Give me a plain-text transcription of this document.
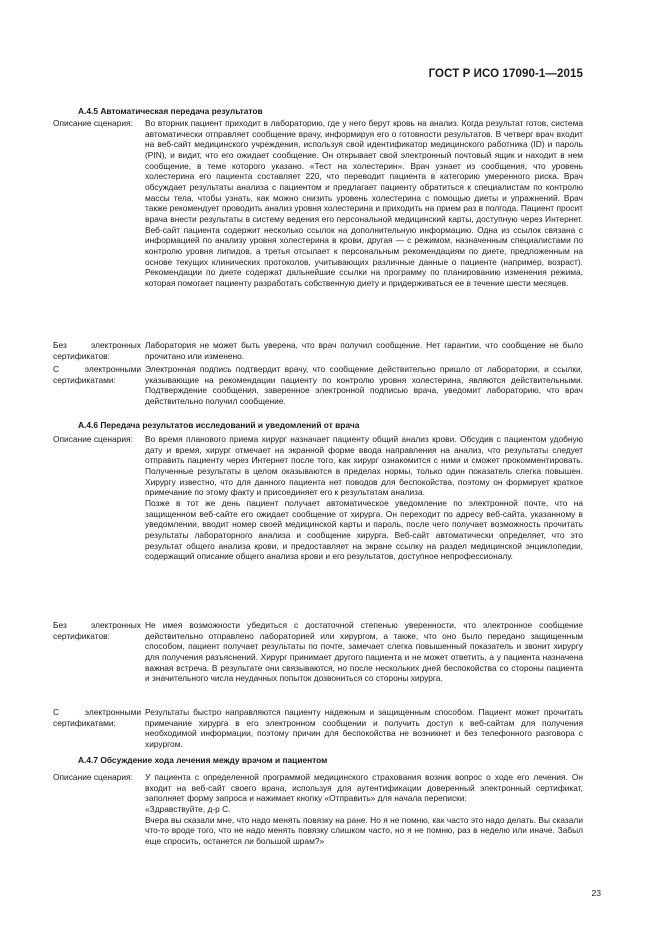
ГОСТ Р ИСО 17090-1—2015
А.4.5 Автоматическая передача результатов
Описание сценария:	Во вторник пациент приходит в лабораторию, где у него берут кровь на анализ. Когда результат готов, система автоматически отправляет сообщение врачу, информируя его о готовности результатов. В четверг врач входит на веб-сайт медицинского учреждения, используя свой идентификатор медицинского работника (ID) и пароль (PIN), и видит, что его ожидает сообщение. Он открывает свой электронный почтовый ящик и находит в нем сообщение, в теме которого указано. «Тест на холестерин». Врач узнает из сообщения, что уровень холестерина его пациента составляет 220, что переводит пациента в категорию умеренного риска. Врач обсуждает результаты анализа с пациентом и предлагает пациенту обратиться к специалистам по контролю массы тела, чтобы узнать, как можно снизить уровень холестерина с помощью диеты и упражнений. Врач также рекомендует проводить анализ уровня холестерина и приходить на прием раз в полгода. Пациент просит врача внести результаты в систему ведения его персональной медицинский карты, доступную через Интернет. Веб-сайт пациента содержит несколько ссылок на дополнительную информацию. Одна из ссылок связана с информацией по анализу уровня холестерина в крови, другая — с режимом, назначенным специалистами по контролю уровня липидов, а третья отсылает к персональным рекомендациям по диете, предложенным на основе текущих клинических протоколов, учитывающих различные данные о пациенте (например, возраст). Рекомендации по диете содержат дальнейшие ссылки на программу по планированию изменения режима, которая помогает пациенту разработать собственную диету и придерживаться ее в течение шести месяцев.

Без электронных сертификатов:

Лаборатория не может быть уверена, что врач получил сообщение. Нет гарантии, что сообщение не было прочитано или изменено.

С электронными сертификатами:

Электронная подпись подтвердит врачу, что сообщение действительно пришло от лаборатории, и ссылки, указывающие на рекомендации пациенту по контролю уровня холестерина, являются действительными. Подтверждение сообщения, заверенное электронной подписью врача, уведомит лабораторию, что врач действительно получил сообщение.

А.4.6 Передача результатов исследований и уведомлений от врача
Описание сценария:	Во время планового приема хирург назначает пациенту общий анализ крови. Обсудив с пациентом удобную дату и время, хирург отмечает на экранной форме ввода направления на анализ, что результаты следует отправить пациенту через Интернет после того, как хирург ознакомится с ними и сможет прокомментировать. Полученные результаты в целом оказываются в пределах нормы, только один показатель слегка повышен. Хирургу известно, что для данного пациента нет поводов для беспокойства, поэтому он формирует краткое примечание по этому факту и присоединяет его к результатам анализа.

Позже в тот же день пациент получает автоматическое уведомление по электронной почте, что на защищенном веб-сайте его ожидает сообщение от хирурга. Он переходит по адресу веб-сайта, указанному в уведомлении, вводит номер своей медицинской карты и пароль, после чего получает возможность прочитать результаты лабораторного анализа и сообщение хирурга. Веб-сайт автоматически определяет, что это результат общего анализа крови, и предоставляет на экране ссылку на раздел медицинской энциклопедии, содержащий описание общего анализа крови и его результатов, доступное непрофессионалу.

Без электронных сертификатов:

Не имея возможности убедиться с достаточной степенью уверенности, что электронное сообщение действительно отправлено лабораторией или хирургом, а также, что оно было передано защищенным способом, пациент получает результаты по почте, замечает слегка повышенный показатель и звонит хирургу для получения разъяснений. Хирург принимает другого пациента и не может ответить, а у пациента назначена важная встреча. В результате они связываются, но после нескольких дней беспокойства со стороны пациента и значительного числа неудачных попыток дозвониться со стороны хирурга.

С электронными сертификатами:

Результаты быстро направляются пациенту надежным и защищенным способом. Пациент может прочитать примечание хирурга в его электронном сообщении и получить доступ к веб-сайтам для получения необходимой информации, поэтому причин для беспокойства не возникнет и без телефонного разговора с хирургом.

А.4.7 Обсуждение хода лечения между врачом и пациентом
Описание сценария:	У пациента с определенной программой медицинского страхования возник вопрос о ходе его лечения. Он входит на веб-сайт своего врача, используя для аутентификации доверенный электронный сертификат, заполняет форму запроса и нажимает кнопку «Отправить» для начала переписки:

«Здравствуйте, д-р С.

Вчера вы сказали мне, что надо менять повязку на ране. Но я не помню, как часто это надо делать. Вы сказали что-то вроде того, что не надо менять повязку слишком часто, но я не помню, раз в неделю или иначе. Забыл еще спросить, останется ли большой шрам?»

23
